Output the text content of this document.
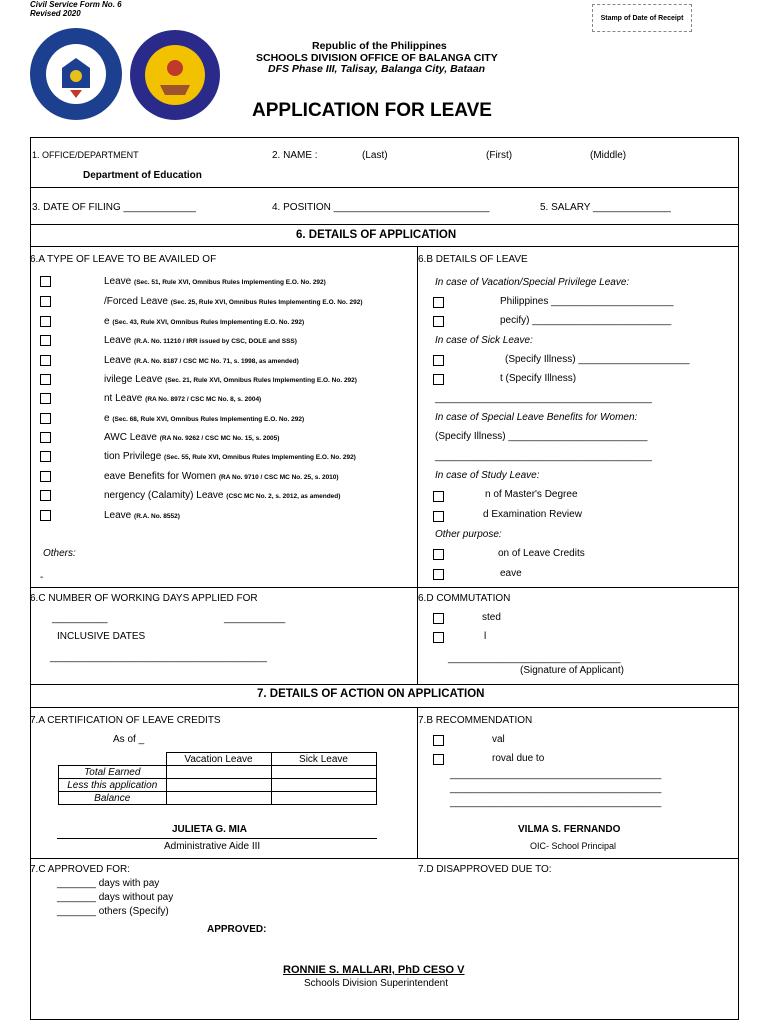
Civil Service Form No. 6
Revised 2020	Stamp of Date of Receipt
Republic of the Philippines
SCHOOLS DIVISION OFFICE OF BALANGA CITY
DFS Phase III, Talisay, Balanga City, Bataan
APPLICATION FOR LEAVE
1. OFFICE/DEPARTMENT
Department of Education
2. NAME :	(Last)	(First)	(Middle)
3. DATE OF FILING _____________	4. POSITION ____________________________	5. SALARY ______________
6. DETAILS OF APPLICATION
6.A TYPE OF LEAVE TO BE AVAILED OF	6.B DETAILS OF LEAVE
Leave (Sec. 51, Rule XVI, Omnibus Rules Implementing E.O. No. 292)
/Forced Leave (Sec. 25, Rule XVI, Omnibus Rules Implementing E.O. No. 292)
e (Sec. 43, Rule XVI, Omnibus Rules Implementing E.O. No. 292)
Leave (R.A. No. 11210 / IRR issued by CSC, DOLE and SSS)
Leave (R.A. No. 8187 / CSC MC No. 71, s. 1998, as amended)
ivilege Leave (Sec. 21, Rule XVI, Omnibus Rules Implementing E.O. No. 292)
nt Leave (RA No. 8972 / CSC MC No. 8, s. 2004)
e (Sec. 68, Rule XVI, Omnibus Rules Implementing E.O. No. 292)
AWC Leave (RA No. 9262 / CSC MC No. 15, s. 2005)
tion Privilege (Sec. 55, Rule XVI, Omnibus Rules Implementing E.O. No. 292)
eave Benefits for Women (RA No. 9710 / CSC MC No. 25, s. 2010)
nergency (Calamity) Leave (CSC MC No. 2, s. 2012, as amended)
Leave (R.A. No. 8552)
Others:
-
In case of Vacation/Special Privilege Leave:
Philippines ______________________
pecify) _________________________
In case of Sick Leave:
(Specify Illness) ____________________
t (Specify Illness)
_______________________________________
In case of Special Leave Benefits for Women:
(Specify Illness) _________________________
_______________________________________
In case of Study Leave:
n of Master's Degree
d Examination Review
Other purpose:
on of Leave Credits
eave
6.C NUMBER OF WORKING DAYS APPLIED FOR
__________	___________
INCLUSIVE DATES
_______________________________________
6.D COMMUTATION
sted
l
_______________________________
(Signature of Applicant)
7. DETAILS OF ACTION ON APPLICATION
7.A CERTIFICATION OF LEAVE CREDITS
As of _
	Vacation Leave	Sick Leave
Total Earned		
Less this application		
Balance		
JULIETA G. MIA
Administrative Aide III
7.B RECOMMENDATION
val
roval due to
______________________________________
______________________________________
______________________________________
VILMA S. FERNANDO
OIC- School Principal
7.C APPROVED FOR:
_______ days with pay
_______ days without pay
_______ others (Specify)
7.D DISAPPROVED DUE TO:
APPROVED:
RONNIE S. MALLARI, PhD CESO V
Schools Division Superintendent
